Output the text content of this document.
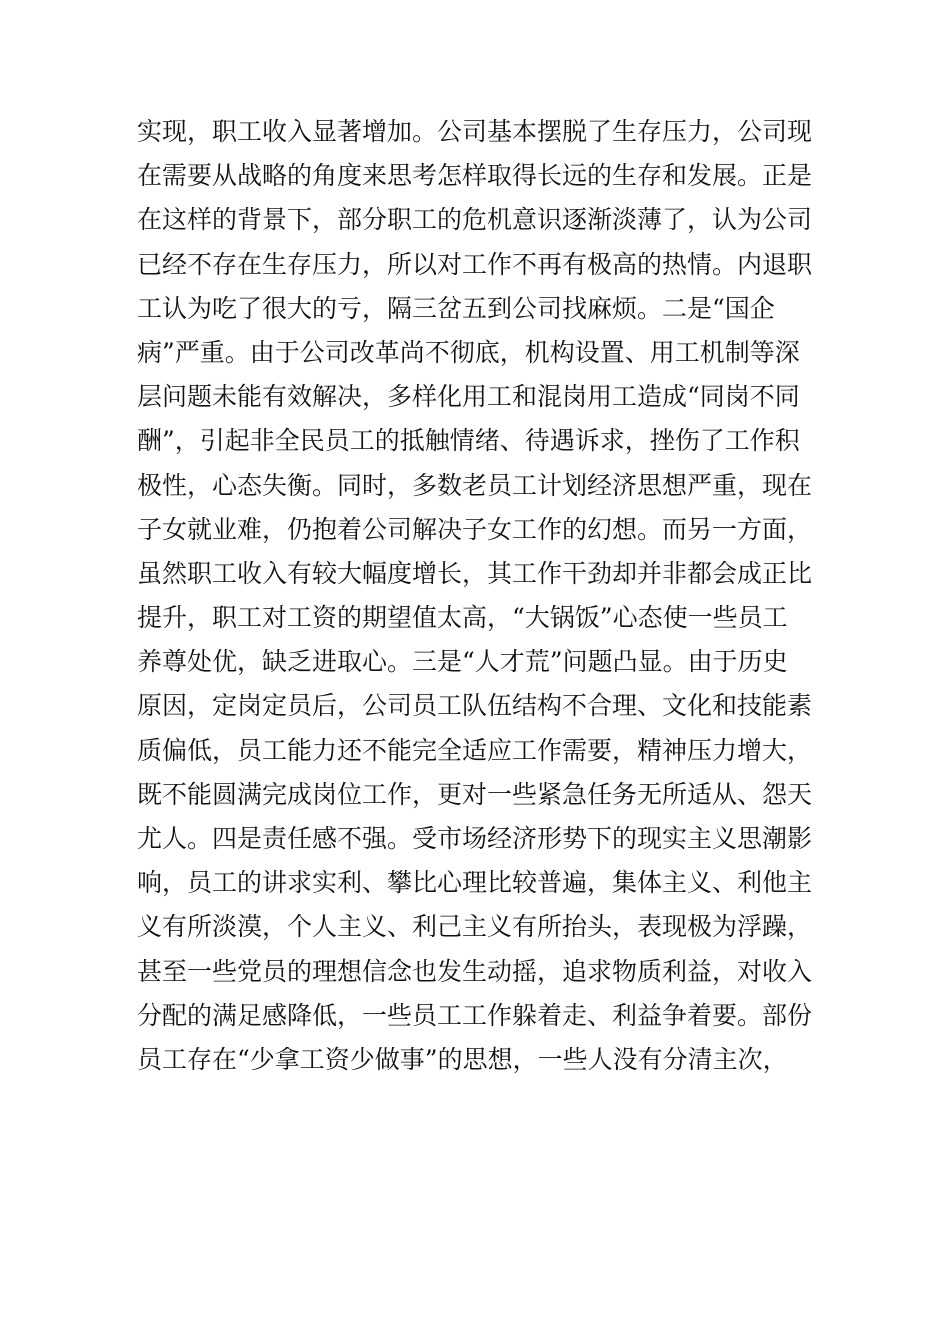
实现，职工收入显著增加。公司基本摆脱了生存压力，公司现
在需要从战略的角度来思考怎样取得长远的生存和发展。正是
在这样的背景下，部分职工的危机意识逐渐淡薄了，认为公司
已经不存在生存压力，所以对工作不再有极高的热情。内退职
工认为吃了很大的亏，隔三岔五到公司找麻烦。二是“国企
病”严重。由于公司改革尚不彻底，机构设置、用工机制等深
层问题未能有效解决，多样化用工和混岗用工造成“同岗不同
酬”，引起非全民员工的抵触情绪、待遇诉求，挫伤了工作积
极性，心态失衡。同时，多数老员工计划经济思想严重，现在
子女就业难，仍抱着公司解决子女工作的幻想。而另一方面，
虽然职工收入有较大幅度增长，其工作干劲却并非都会成正比
提升，职工对工资的期望值太高，“大锅饭”心态使一些员工
养尊处优，缺乏进取心。三是“人才荒”问题凸显。由于历史
原因，定岗定员后，公司员工队伍结构不合理、文化和技能素
质偏低，员工能力还不能完全适应工作需要，精神压力增大，
既不能圆满完成岗位工作，更对一些紧急任务无所适从、怨天
尤人。四是责任感不强。受市场经济形势下的现实主义思潮影
响，员工的讲求实利、攀比心理比较普遍，集体主义、利他主
义有所淡漠，个人主义、利己主义有所抬头，表现极为浮躁，
甚至一些党员的理想信念也发生动摇，追求物质利益，对收入
分配的满足感降低，一些员工工作躲着走、利益争着要。部份
员工存在“少拿工资少做事”的思想，一些人没有分清主次，
